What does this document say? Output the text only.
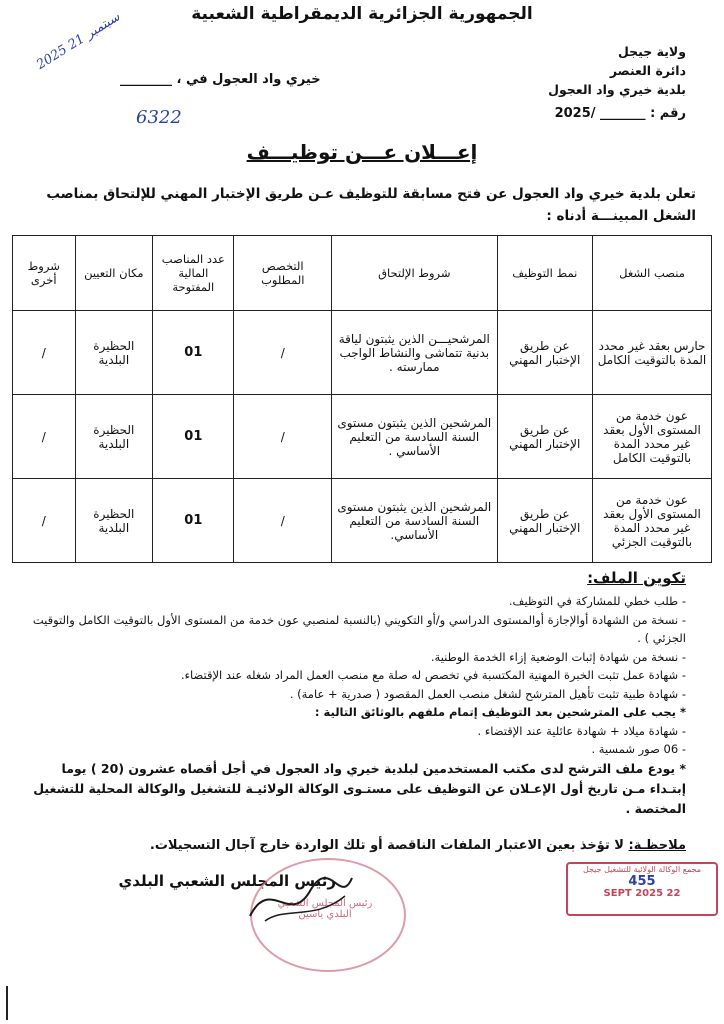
الجمهورية الجزائرية الديمقراطية الشعبية
ولاية جيجل
دائرة العنصر
بلدية خيري واد العجول
خيري واد العجول في ، ________
2025 سبتمبر 21
رقم : _______ /2025
6322
إعـــلان عـــن توظيـــف
تعلن بلدية خيري واد العجول عن فتح مسابقة للتوظيف عـن طريق الإختبار المهني للإلتحاق بمناصب الشغل المبينـــة أدناه :
منصب الشغل	نمط التوظيف	شروط الإلتحاق	التخصص المطلوب	عدد المناصب المالية المفتوحة	مكان التعيين	شروط أخرى
حارس بعقد غير محدد المدة بالتوقيت الكامل	عن طريق الإختبار المهني	المرشحيـــن الذين يثبتون لياقة بدنية تتماشى والنشاط الواجب ممارسته .	/	01	الحظيرة البلدية	/
عون خدمة من المستوى الأول بعقد غير محدد المدة بالتوقيت الكامل	عن طريق الإختبار المهني	المرشحين الذين يثبتون مستوى السنة السادسة من التعليم الأساسي .	/	01	الحظيرة البلدية	/
عون خدمة من المستوى الأول بعقد غير محدد المدة بالتوقيت الجزئي	عن طريق الإختبار المهني	المرشحين الذين يثبتون مستوى السنة السادسة من التعليم الأساسي.	/	01	الحظيرة البلدية	/
تكوين الملف:
- طلب خطي للمشاركة في التوظيف.
- نسخة من الشهادة أوالإجازة أوالمستوى الدراسي و/أو التكويني (بالنسبة لمنصبي عون خدمة من المستوى الأول بالتوقيت الكامل والتوقيت الجزئي ) .
- نسخة من شهادة إثبات الوضعية إزاء الخدمة الوطنية.
- شهادة عمل تثبت الخبرة المهنية المكتسبة في تخصص له صلة مع منصب العمل المراد شغله عند الإقتضاء.
- شهادة طبية تثبت تأهيل المترشح لشغل منصب العمل المقصود ( صدرية + عامة) .
* يجب على المترشحين بعد التوظيف إتمام ملفهم بالوثائق التالية :
- شهادة ميلاد + شهادة عائلية عند الإقتضاء .
- 06 صور شمسية .
* يودع ملف الترشح لدى مكتب المستخدمين لبلدية خيري واد العجول في أجل أقصاه عشرون (20 ) يوما إبتـداء مـن تاريخ أول الإعـلان عن التوظيف على مستـوى الوكالة الولائيـة للتشغيل والوكالة المحلية للتشغيل المختصة .
ملاحظـة: لا تؤخذ بعين الاعتبار الملفات الناقصة أو تلك الواردة خارج آجال التسجيلات.
رئيس المجلس الشعبي البلدي
رئيس المجلس الشعبي البلدي ياسين
مجمع الوكالة الولائية للتشغيل جيجل
455
22 SEPT 2025
